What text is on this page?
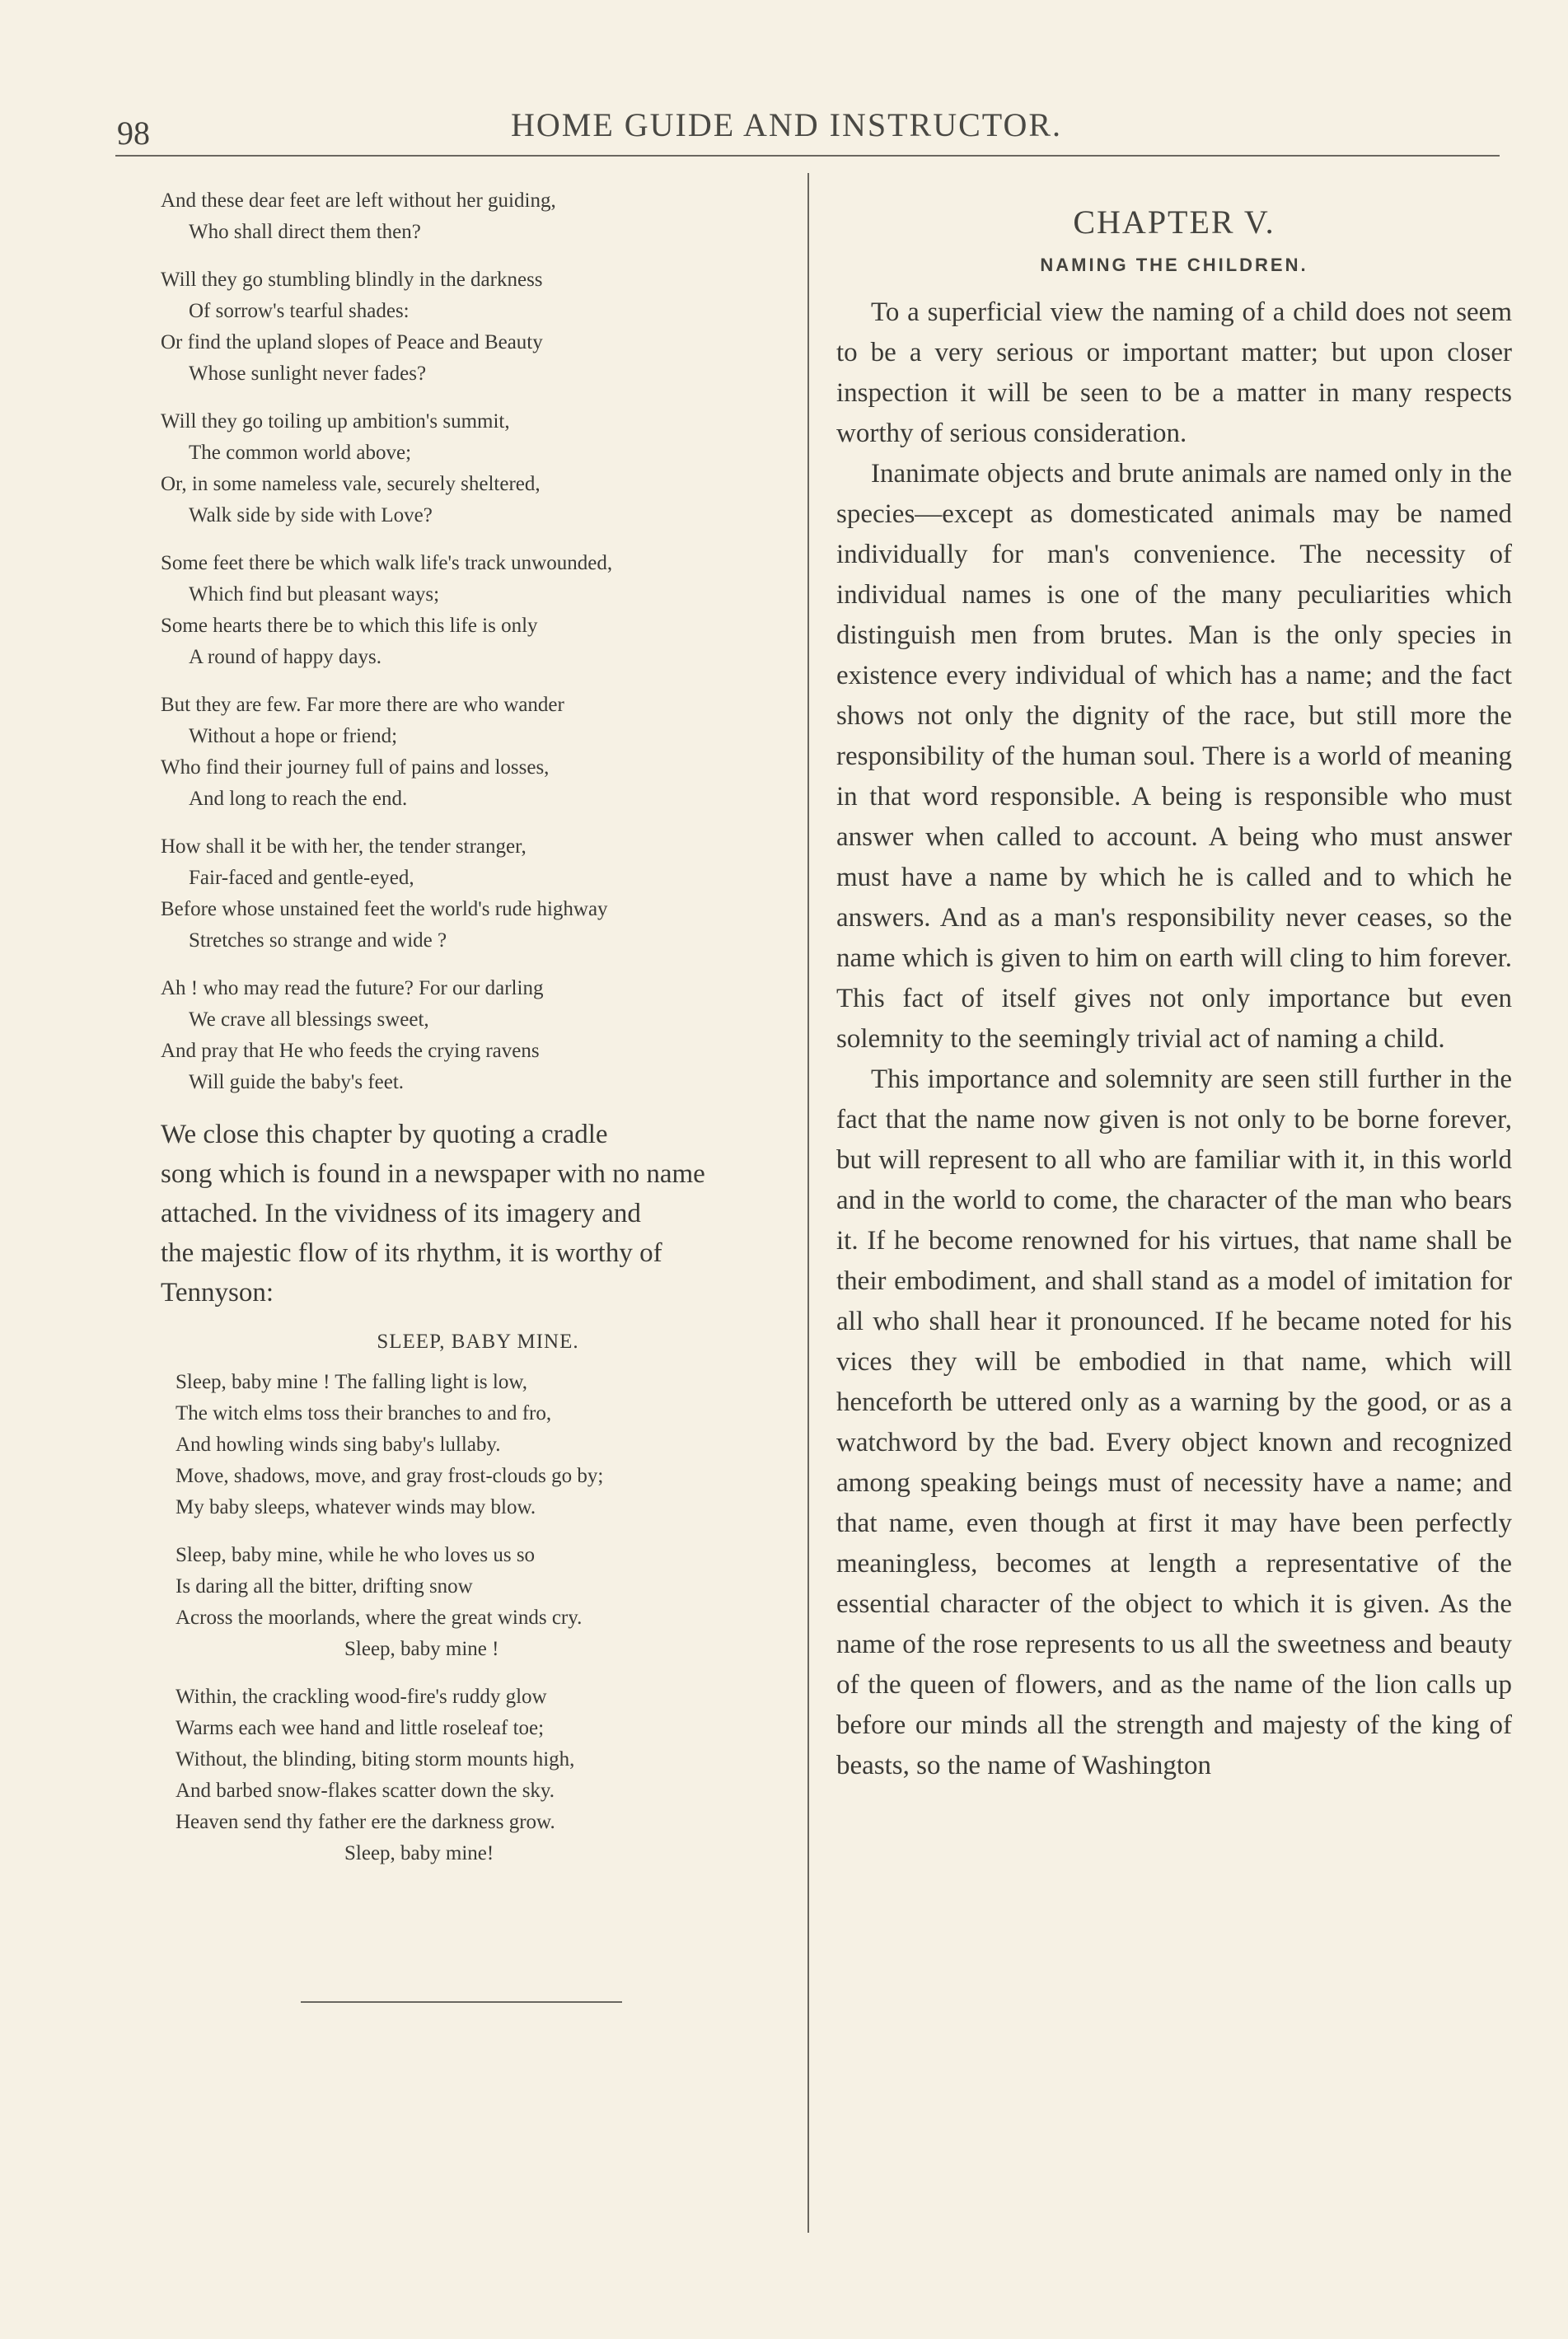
98	HOME GUIDE AND INSTRUCTOR.
And these dear feet are left without her guiding,
Who shall direct them then?
Will they go stumbling blindly in the darkness
Of sorrow's tearful shades:
Or find the upland slopes of Peace and Beauty
Whose sunlight never fades?
Will they go toiling up ambition's summit,
The common world above;
Or, in some nameless vale, securely sheltered,
Walk side by side with Love?
Some feet there be which walk life's track unwounded,
Which find but pleasant ways;
Some hearts there be to which this life is only
A round of happy days.
But they are few. Far more there are who wander
Without a hope or friend;
Who find their journey full of pains and losses,
And long to reach the end.
How shall it be with her, the tender stranger,
Fair-faced and gentle-eyed,
Before whose unstained feet the world's rude highway
Stretches so strange and wide ?
Ah ! who may read the future? For our darling
We crave all blessings sweet,
And pray that He who feeds the crying ravens
Will guide the baby's feet.

We close this chapter by quoting a cradle
song which is found in a newspaper with no name
attached. In the vividness of its imagery and
the majestic flow of its rhythm, it is worthy of
Tennyson:

SLEEP, BABY MINE.
Sleep, baby mine ! The falling light is low,
The witch elms toss their branches to and fro,
And howling winds sing baby's lullaby.
Move, shadows, move, and gray frost-clouds go by;
My baby sleeps, whatever winds may blow.
Sleep, baby mine, while he who loves us so
Is daring all the bitter, drifting snow
Across the moorlands, where the great winds cry.
Sleep, baby mine !
Within, the crackling wood-fire's ruddy glow
Warms each wee hand and little roseleaf toe;
Without, the blinding, biting storm mounts high,
And barbed snow-flakes scatter down the sky.
Heaven send thy father ere the darkness grow.
Sleep, baby mine!
CHAPTER V.
NAMING THE CHILDREN.

To a superficial view the naming of a child does not seem to be a very serious or important matter; but upon closer inspection it will be seen to be a matter in many respects worthy of serious consideration.

Inanimate objects and brute animals are named only in the species—except as domesticated animals may be named individually for man's convenience. The necessity of individual names is one of the many peculiarities which distinguish men from brutes. Man is the only species in existence every individual of which has a name; and the fact shows not only the dignity of the race, but still more the responsibility of the human soul. There is a world of meaning in that word responsible. A being is responsible who must answer when called to account. A being who must answer must have a name by which he is called and to which he answers. And as a man's responsibility never ceases, so the name which is given to him on earth will cling to him forever. This fact of itself gives not only importance but even solemnity to the seemingly trivial act of naming a child.

This importance and solemnity are seen still further in the fact that the name now given is not only to be borne forever, but will represent to all who are familiar with it, in this world and in the world to come, the character of the man who bears it. If he become renowned for his virtues, that name shall be their embodiment, and shall stand as a model of imitation for all who shall hear it pronounced. If he became noted for his vices they will be embodied in that name, which will henceforth be uttered only as a warning by the good, or as a watchword by the bad. Every object known and recognized among speaking beings must of necessity have a name; and that name, even though at first it may have been perfectly meaningless, becomes at length a representative of the essential character of the object to which it is given. As the name of the rose represents to us all the sweetness and beauty of the queen of flowers, and as the name of the lion calls up before our minds all the strength and majesty of the king of beasts, so the name of Washington
